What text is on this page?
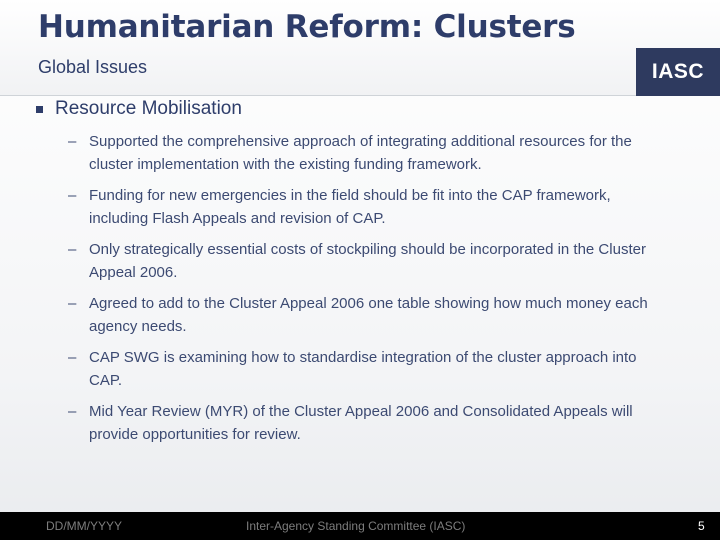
Humanitarian Reform: Clusters
Global Issues	IASC
Resource Mobilisation
– Supported the comprehensive approach of integrating additional resources for the cluster implementation with the existing funding framework.
– Funding for new emergencies in the field should be fit into the CAP framework, including Flash Appeals and revision of CAP.
– Only strategically essential costs of stockpiling should be incorporated in the Cluster Appeal 2006.
– Agreed to add to the Cluster Appeal 2006 one table showing how much money each agency needs.
– CAP SWG is examining how to standardise integration of the cluster approach into CAP.
– Mid Year Review (MYR) of the Cluster Appeal 2006 and Consolidated Appeals will provide opportunities for review.
DD/MM/YYYY	Inter-Agency Standing Committee (IASC)	5
